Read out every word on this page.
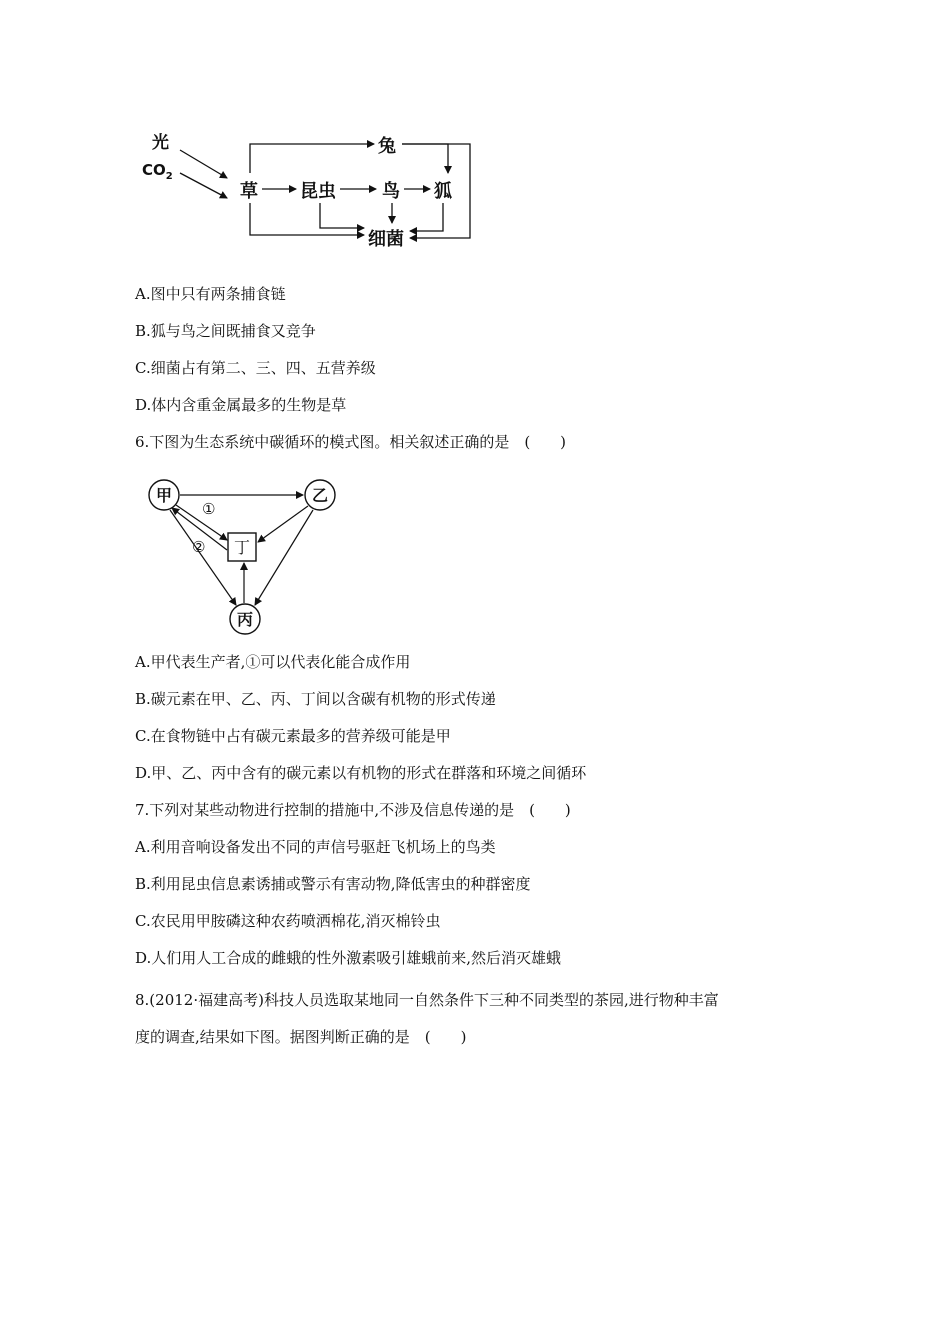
光
$CO_2$
草 昆虫	鸟 狐
兔
细菌
A.图中只有两条捕食链
B.狐与鸟之间既捕食又竞争
C.细菌占有第二、三、四、五营养级
D.体内含重金属最多的生物是草
6.下图为生态系统中碳循环的模式图。相关叙述正确的是　(　　)
甲	乙
丙
丁
①
②
A.甲代表生产者,①可以代表化能合成作用
B.碳元素在甲、乙、丙、丁间以含碳有机物的形式传递
C.在食物链中占有碳元素最多的营养级可能是甲
D.甲、乙、丙中含有的碳元素以有机物的形式在群落和环境之间循环
7.下列对某些动物进行控制的措施中,不涉及信息传递的是　(　　)
A.利用音响设备发出不同的声信号驱赶飞机场上的鸟类
B.利用昆虫信息素诱捕或警示有害动物,降低害虫的种群密度
C.农民用甲胺磷这种农药喷洒棉花,消灭棉铃虫
D.人们用人工合成的雌蛾的性外激素吸引雄蛾前来,然后消灭雄蛾
8.(2012·福建高考)科技人员选取某地同一自然条件下三种不同类型的茶园,进行物种丰富
度的调查,结果如下图。据图判断正确的是　(　　)
